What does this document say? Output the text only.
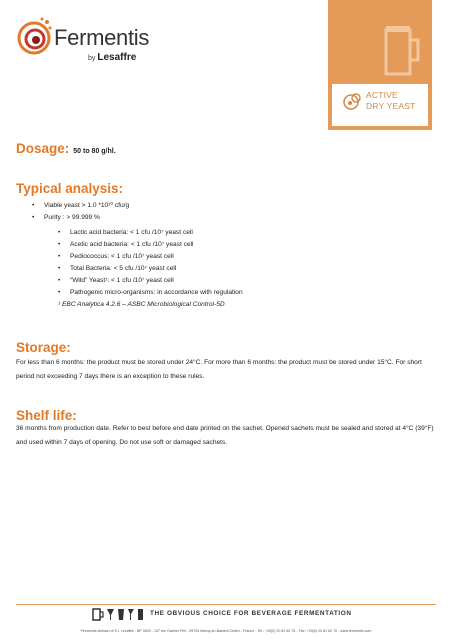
Fermentis
by Lesaffre
ACTIVE
DRY YEAST
Dosage: 50 to 80 g/hl.
Typical analysis:
• Viable yeast > 1.0 *10¹⁰ cfu/g
• Purity : > 99.999 %
• Lactic acid bacteria: < 1 cfu /10⁷ yeast cell
• Acetic acid bacteria: < 1 cfu /10⁷ yeast cell
• Pediococcus: < 1 cfu /10⁷ yeast cell
• Total Bacteria: < 5 cfu /10⁷ yeast cell
• “Wild” Yeast¹: < 1 cfu /10⁷ yeast cell
• Pathogenic micro-organisms: in accordance with regulation
¹ EBC Analytica 4.2.6 – ASBC Microbiological Control-5D
Storage:
For less than 6 months: the product must be stored under 24°C. For more than 6 months: the product must be stored under 15°C. For short period not exceeding 7 days there is an exception to these rules.
Shelf life:
36 months from production date. Refer to best before end date printed on the sachet. Opened sachets must be sealed and stored at 4°C (39°F) and used within 7 days of opening. Do not use soft or damaged sachets.
THE OBVIOUS CHOICE FOR BEVERAGE FERMENTATION
Fermentis division of S.I. Lesaffre - BP 3029 - 137 rue Gabriel Péri - 59703 Marcq-en-Barœul Cedex - France - Tel.: +33(0) 20 81 62 75 - Fax: +33(0) 20 81 62 70 - www.fermentis.com
